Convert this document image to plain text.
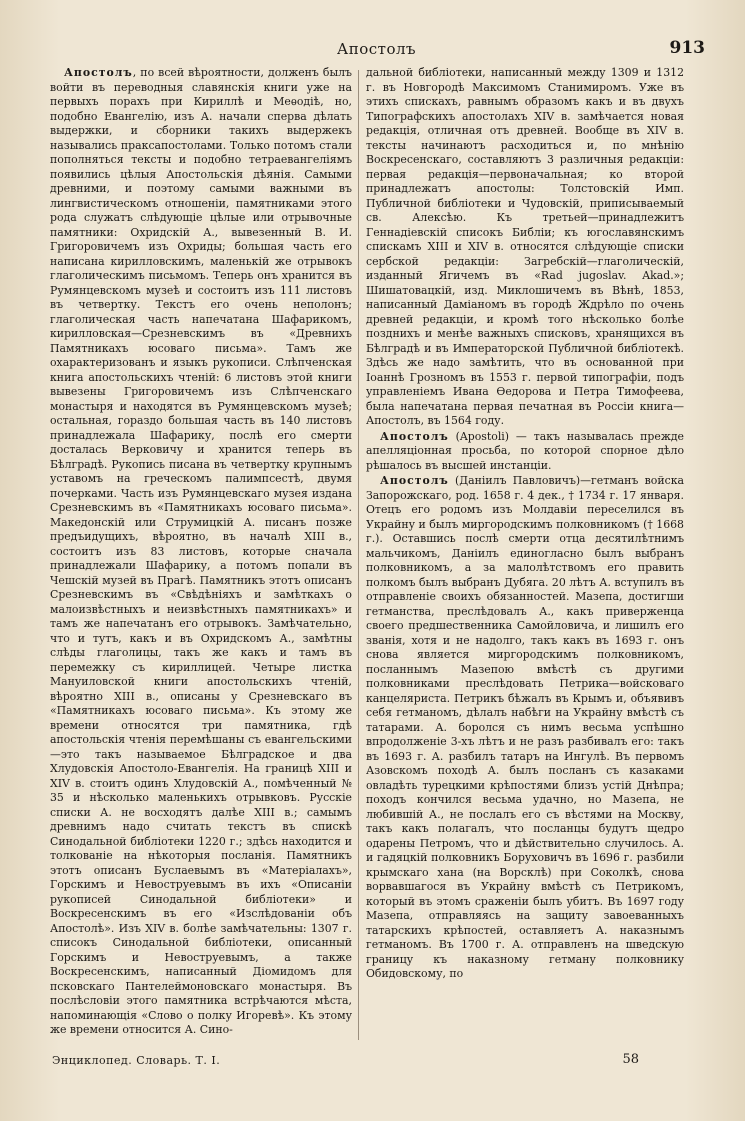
Апостолъ	913

Апостолъ, по всей вѣроятности, долженъ былъ войти въ переводныя славянскія книги уже на первыхъ порахъ при Кириллѣ и Меѳодіѣ, но, подобно Евангелію, изъ А. начали сперва дѣлать выдержки, и сборники такихъ выдержекъ назывались праксапостолами. Только потомъ стали пополняться тексты и подобно тетраевангеліямъ появились цѣлыя Апостольскія дѣянія. Самыми древними, и поэтому самыми важными въ лингвистическомъ отношеніи, памятниками этого рода служатъ слѣдующіе цѣлые или отрывочные памятники: Охридскій А., вывезенный В. И. Григоровичемъ изъ Охриды; большая часть его написана кирилловскимъ, маленькій же отрывокъ глаголическимъ письмомъ. Теперь онъ хранится въ Румянцевскомъ музеѣ и состоитъ изъ 111 листовъ въ четвертку. Текстъ его очень неполонъ; глаголическая часть напечатана Шафарикомъ, кирилловская—Срезневскимъ въ «Древнихъ Памятникахъ юсоваго письма». Тамъ же охарактеризованъ и языкъ рукописи. Слѣпченская книга апостольскихъ чтеній: 6 листовъ этой книги вывезены Григоровичемъ изъ Слѣпченскаго монастыря и находятся въ Румянцевскомъ музеѣ; остальная, гораздо большая часть въ 140 листовъ принадлежала Шафарику, послѣ его смерти досталась Верковичу и хранится теперь въ Бѣлградѣ. Рукопись писана въ четвертку крупнымъ уставомъ на греческомъ палимпсестѣ, двумя почерками. Часть изъ Румянцевскаго музея издана Срезневскимъ въ «Памятникахъ юсоваго письма». Македонскій или Струмицкій А. писанъ позже предъидущихъ, вѣроятно, въ началѣ XIII в., состоитъ изъ 83 листовъ, которые сначала принадлежали Шафарику, а потомъ попали въ Чешскій музей въ Прагѣ. Памятникъ этотъ описанъ Срезневскимъ въ «Свѣдѣніяхъ и замѣткахъ о малоизвѣстныхъ и неизвѣстныхъ памятникахъ» и тамъ же напечатанъ его отрывокъ. Замѣчательно, что и тутъ, какъ и въ Охридскомъ А., замѣтны слѣды глаголицы, такъ же какъ и тамъ въ перемежку съ кириллицей. Четыре листка Мануиловской книги апостольскихъ чтеній, вѣроятно XIII в., описаны у Срезневскаго въ «Памятникахъ юсоваго письма». Къ этому же времени относятся три памятника, гдѣ апостольскія чтенія перемѣшаны съ евангельскими—это такъ называемое Бѣлградское и два Хлудовскія Апостоло-Евангелія. На границѣ XIII и XIV в. стоитъ одинъ Хлудовскій А., помѣченный № 35 и нѣсколько маленькихъ отрывковъ. Русскіе списки А. не восходятъ далѣе XIII в.; самымъ древнимъ надо считать текстъ въ спискѣ Синодальной библіотеки 1220 г.; здѣсь находится и толкованіе на нѣкоторыя посланія. Памятникъ этотъ описанъ Буслаевымъ въ «Матеріалахъ», Горскимъ и Невоструевымъ въ ихъ «Описаніи рукописей Синодальной библіотеки» и Воскресенскимъ въ его «Изслѣдованіи объ Апостолѣ». Изъ XIV в. болѣе замѣчательны: 1307 г. списокъ Синодальной библіотеки, описанный Горскимъ и Невоструевымъ, а также Воскресенскимъ, написанный Діомидомъ для псковскаго Пантелеймоновскаго монастыря. Въ послѣсловіи этого памятника встрѣчаются мѣста, напоминающія «Слово о полку Игоревѣ». Къ этому же времени относится А. Сино-

дальной библіотеки, написанный между 1309 и 1312 г. въ Новгородѣ Максимомъ Станимиромъ. Уже въ этихъ спискахъ, равнымъ образомъ какъ и въ двухъ Типографскихъ апостолахъ XIV в. замѣчается новая редакція, отличная отъ древней. Вообще въ XIV в. тексты начинаютъ расходиться и, по мнѣнію Воскресенскаго, составляютъ 3 различныя редакціи: первая редакція—первоначальная; ко второй принадлежатъ апостолы: Толстовскій Имп. Публичной библіотеки и Чудовскій, приписываемый св. Алексѣю. Къ третьей—принадлежитъ Геннадіевскій списокъ Библіи; къ югославянскимъ спискамъ XIII и XIV в. относятся слѣдующіе списки сербской редакціи: Загребскій—глаголическій, изданный Ягичемъ въ «Rad jugoslav. Akad.»; Шишатовацкій, изд. Миклошичемъ въ Вѣнѣ, 1853, написанный Даміаномъ въ городѣ Ждрѣло по очень древней редакціи, и кромѣ того нѣсколько болѣе позднихъ и менѣе важныхъ списковъ, хранящихся въ Бѣлградѣ и въ Императорской Публичной библіотекѣ. Здѣсь же надо замѣтить, что въ основанной при Іоаннѣ Грозномъ въ 1553 г. первой типографіи, подъ управленіемъ Ивана Ѳедорова и Петра Тимофеева, была напечатана первая печатная въ Россіи книга—Апостолъ, въ 1564 году.

Апостолъ (Apostoli) — такъ называлась прежде апелляціонная просьба, по которой спорное дѣло рѣшалось въ высшей инстанціи.

Апостолъ (Даніилъ Павловичъ)—гетманъ войска Запорожскаго, род. 1658 г. 4 дек., † 1734 г. 17 января. Отецъ его родомъ изъ Молдавіи переселился въ Украйну и былъ миргородскимъ полковникомъ († 1668 г.). Оставшись послѣ смерти отца десятилѣтнимъ мальчикомъ, Даніилъ единогласно былъ выбранъ полковникомъ, а за малолѣтствомъ его править полкомъ былъ выбранъ Дубяга. 20 лѣтъ А. вступилъ въ отправленіе своихъ обязанностей. Мазепа, достигши гетманства, преслѣдовалъ А., какъ приверженца своего предшественника Самойловича, и лишилъ его званія, хотя и не надолго, такъ какъ въ 1693 г. онъ снова является миргородскимъ полковникомъ, посланнымъ Мазепою вмѣстѣ съ другими полковниками преслѣдовать Петрика—войсковаго канцеляриста. Петрикъ бѣжалъ въ Крымъ и, объявивъ себя гетманомъ, дѣлалъ набѣги на Украйну вмѣстѣ съ татарами. А. боролся съ нимъ весьма успѣшно впродолженіе 3-хъ лѣтъ и не разъ разбивалъ его: такъ въ 1693 г. А. разбилъ татаръ на Ингулѣ. Въ первомъ Азовскомъ походѣ А. былъ посланъ съ казаками овладѣть турецкими крѣпостями близъ устій Днѣпра; походъ кончился весьма удачно, но Мазепа, не любившій А., не послалъ его съ вѣстями на Москву, такъ какъ полагалъ, что посланцы будутъ щедро одарены Петромъ, что и дѣйствительно случилось. А. и гадяцкій полковникъ Боруховичъ въ 1696 г. разбили крымскаго хана (на Ворсклѣ) при Соколкѣ, снова ворвавшагося въ Украйну вмѣстѣ съ Петрикомъ, который въ этомъ сраженіи былъ убитъ. Въ 1697 году Мазепа, отправляясь на защиту завоеванныхъ татарскихъ крѣпостей, оставляетъ А. наказнымъ гетманомъ. Въ 1700 г. А. отправленъ на шведскую границу къ наказному гетману полковнику Обидовскому, по

Энциклопед. Словарь. Т. I.	58
